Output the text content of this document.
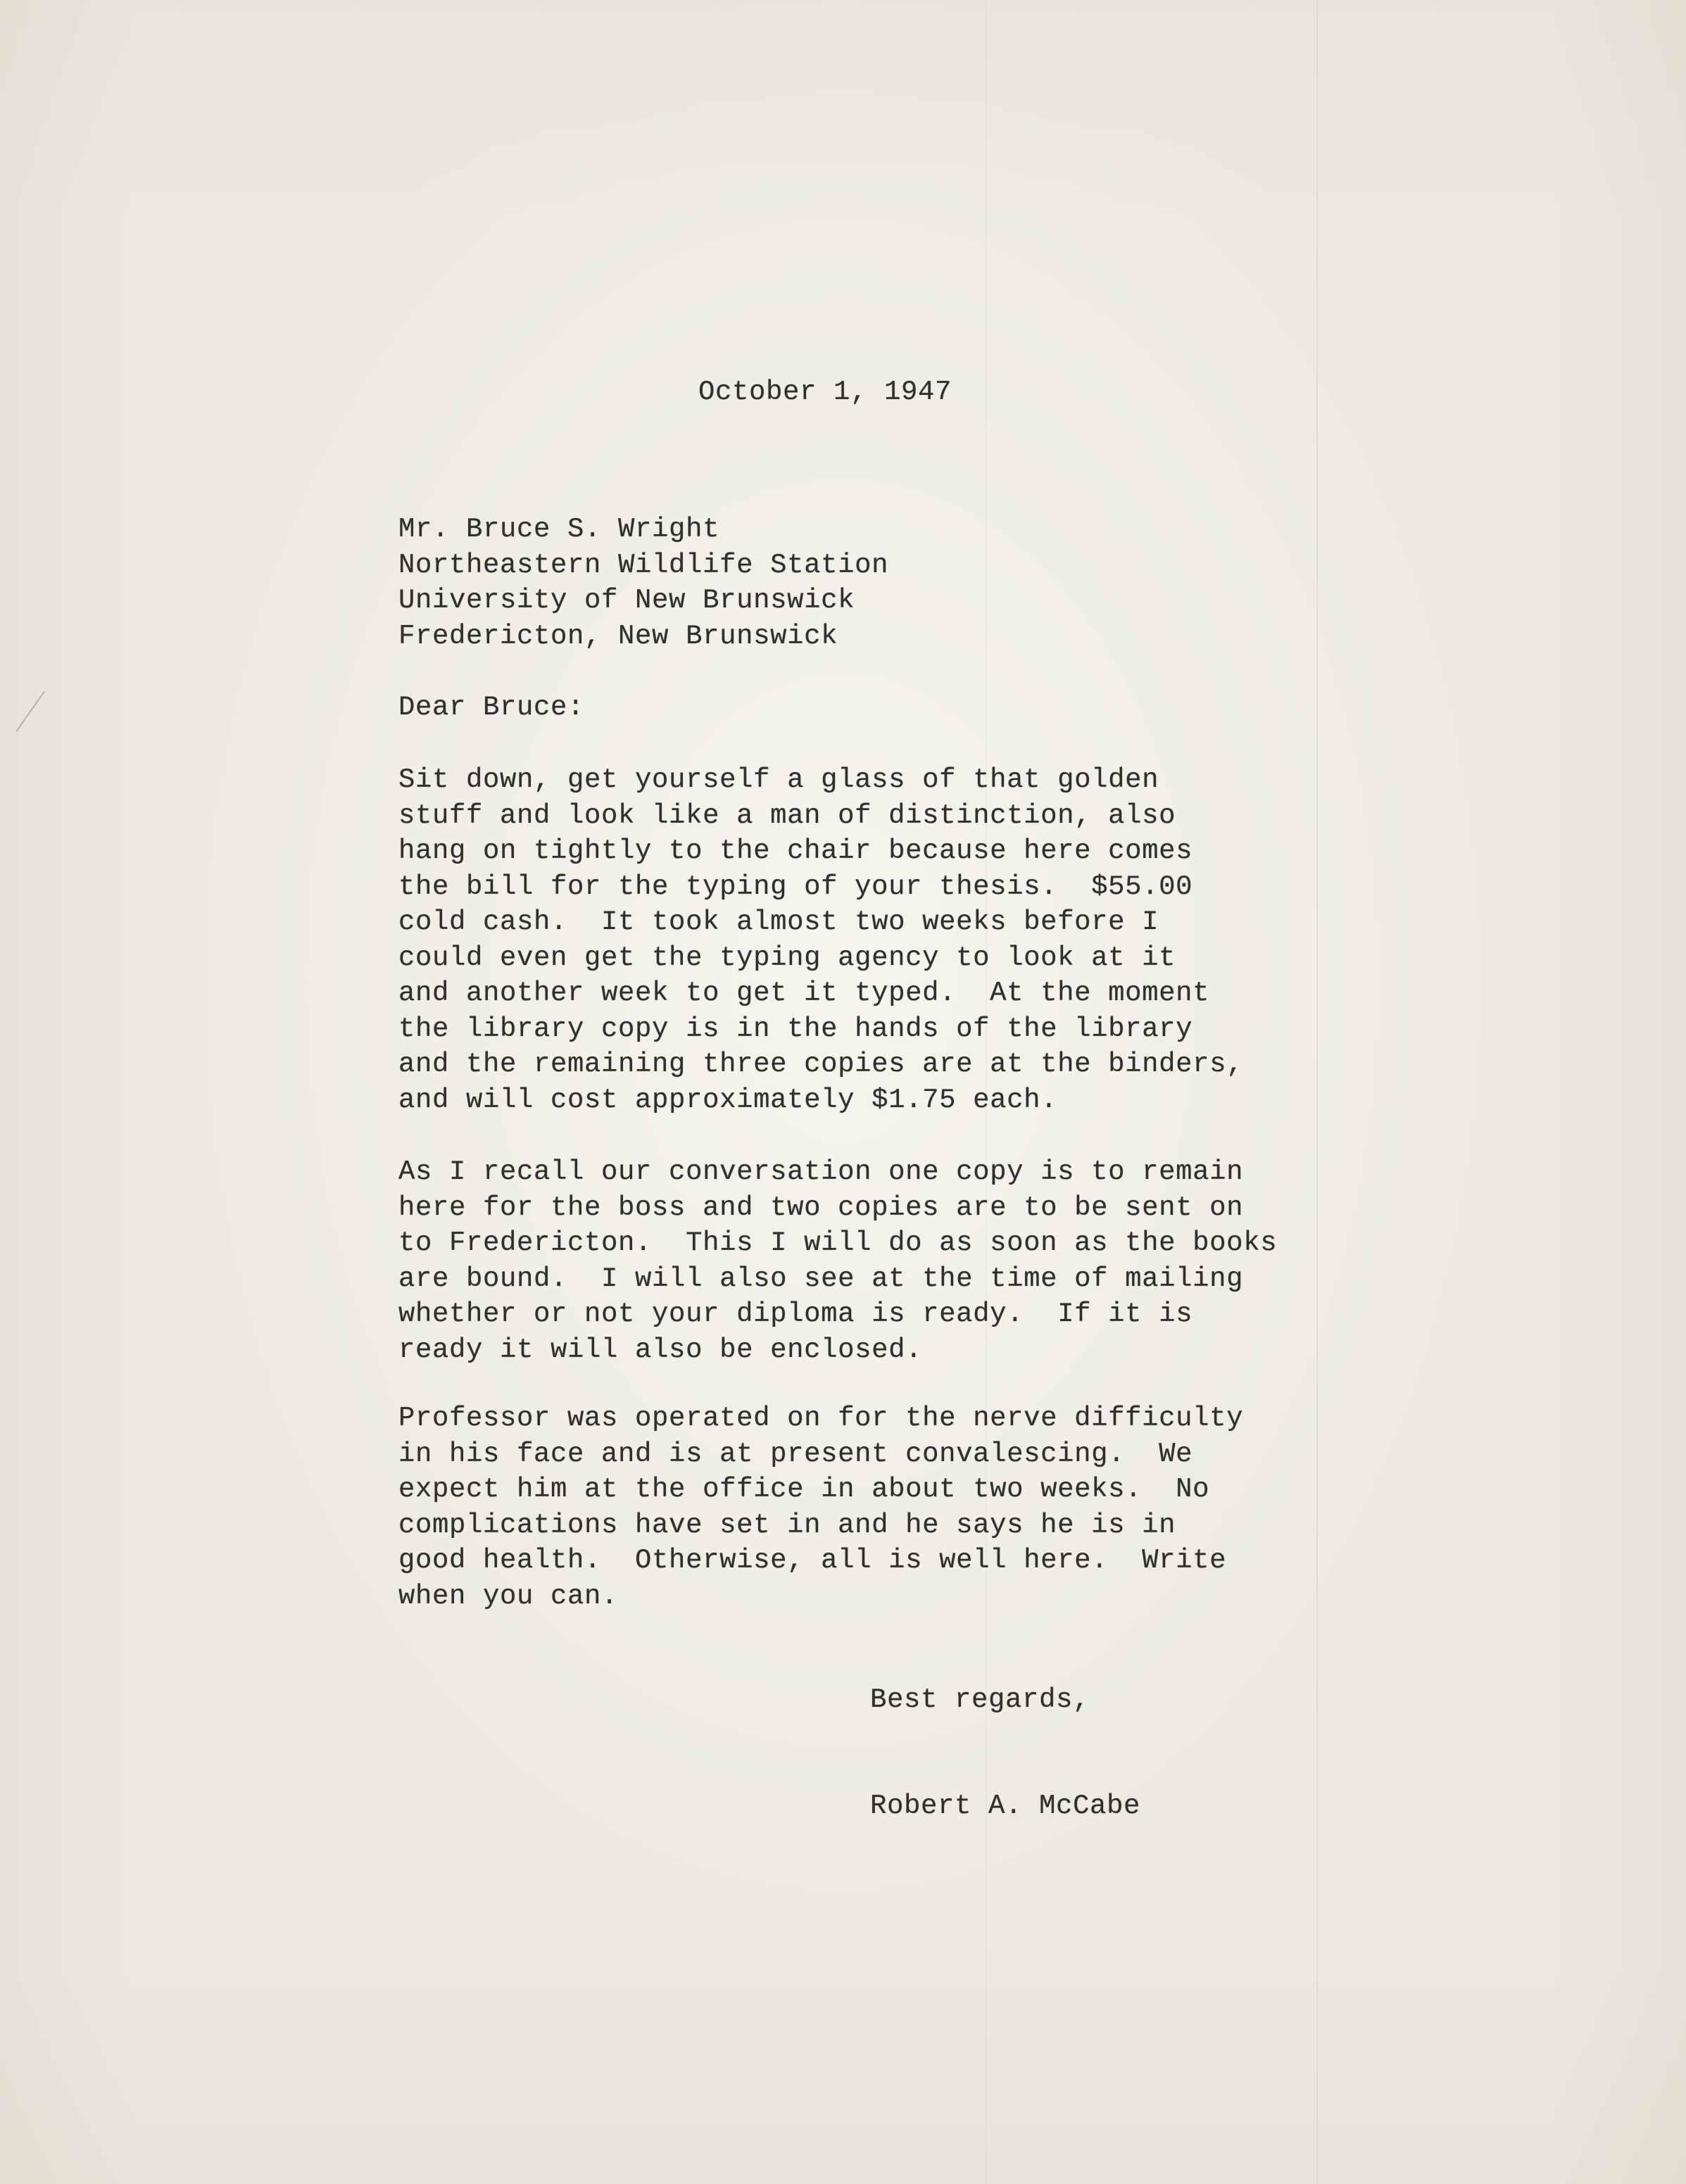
October 1, 1947
Mr. Bruce S. Wright
Northeastern Wildlife Station
University of New Brunswick
Fredericton, New Brunswick
Dear Bruce:
Sit down, get yourself a glass of that golden
stuff and look like a man of distinction, also
hang on tightly to the chair because here comes
the bill for the typing of your thesis.  $55.00
cold cash.  It took almost two weeks before I
could even get the typing agency to look at it
and another week to get it typed.  At the moment
the library copy is in the hands of the library
and the remaining three copies are at the binders,
and will cost approximately $1.75 each.
As I recall our conversation one copy is to remain
here for the boss and two copies are to be sent on
to Fredericton.  This I will do as soon as the books
are bound.  I will also see at the time of mailing
whether or not your diploma is ready.  If it is
ready it will also be enclosed.
Professor was operated on for the nerve difficulty
in his face and is at present convalescing.  We
expect him at the office in about two weeks.  No
complications have set in and he says he is in
good health.  Otherwise, all is well here.  Write
when you can.
Best regards,
Robert A. McCabe
